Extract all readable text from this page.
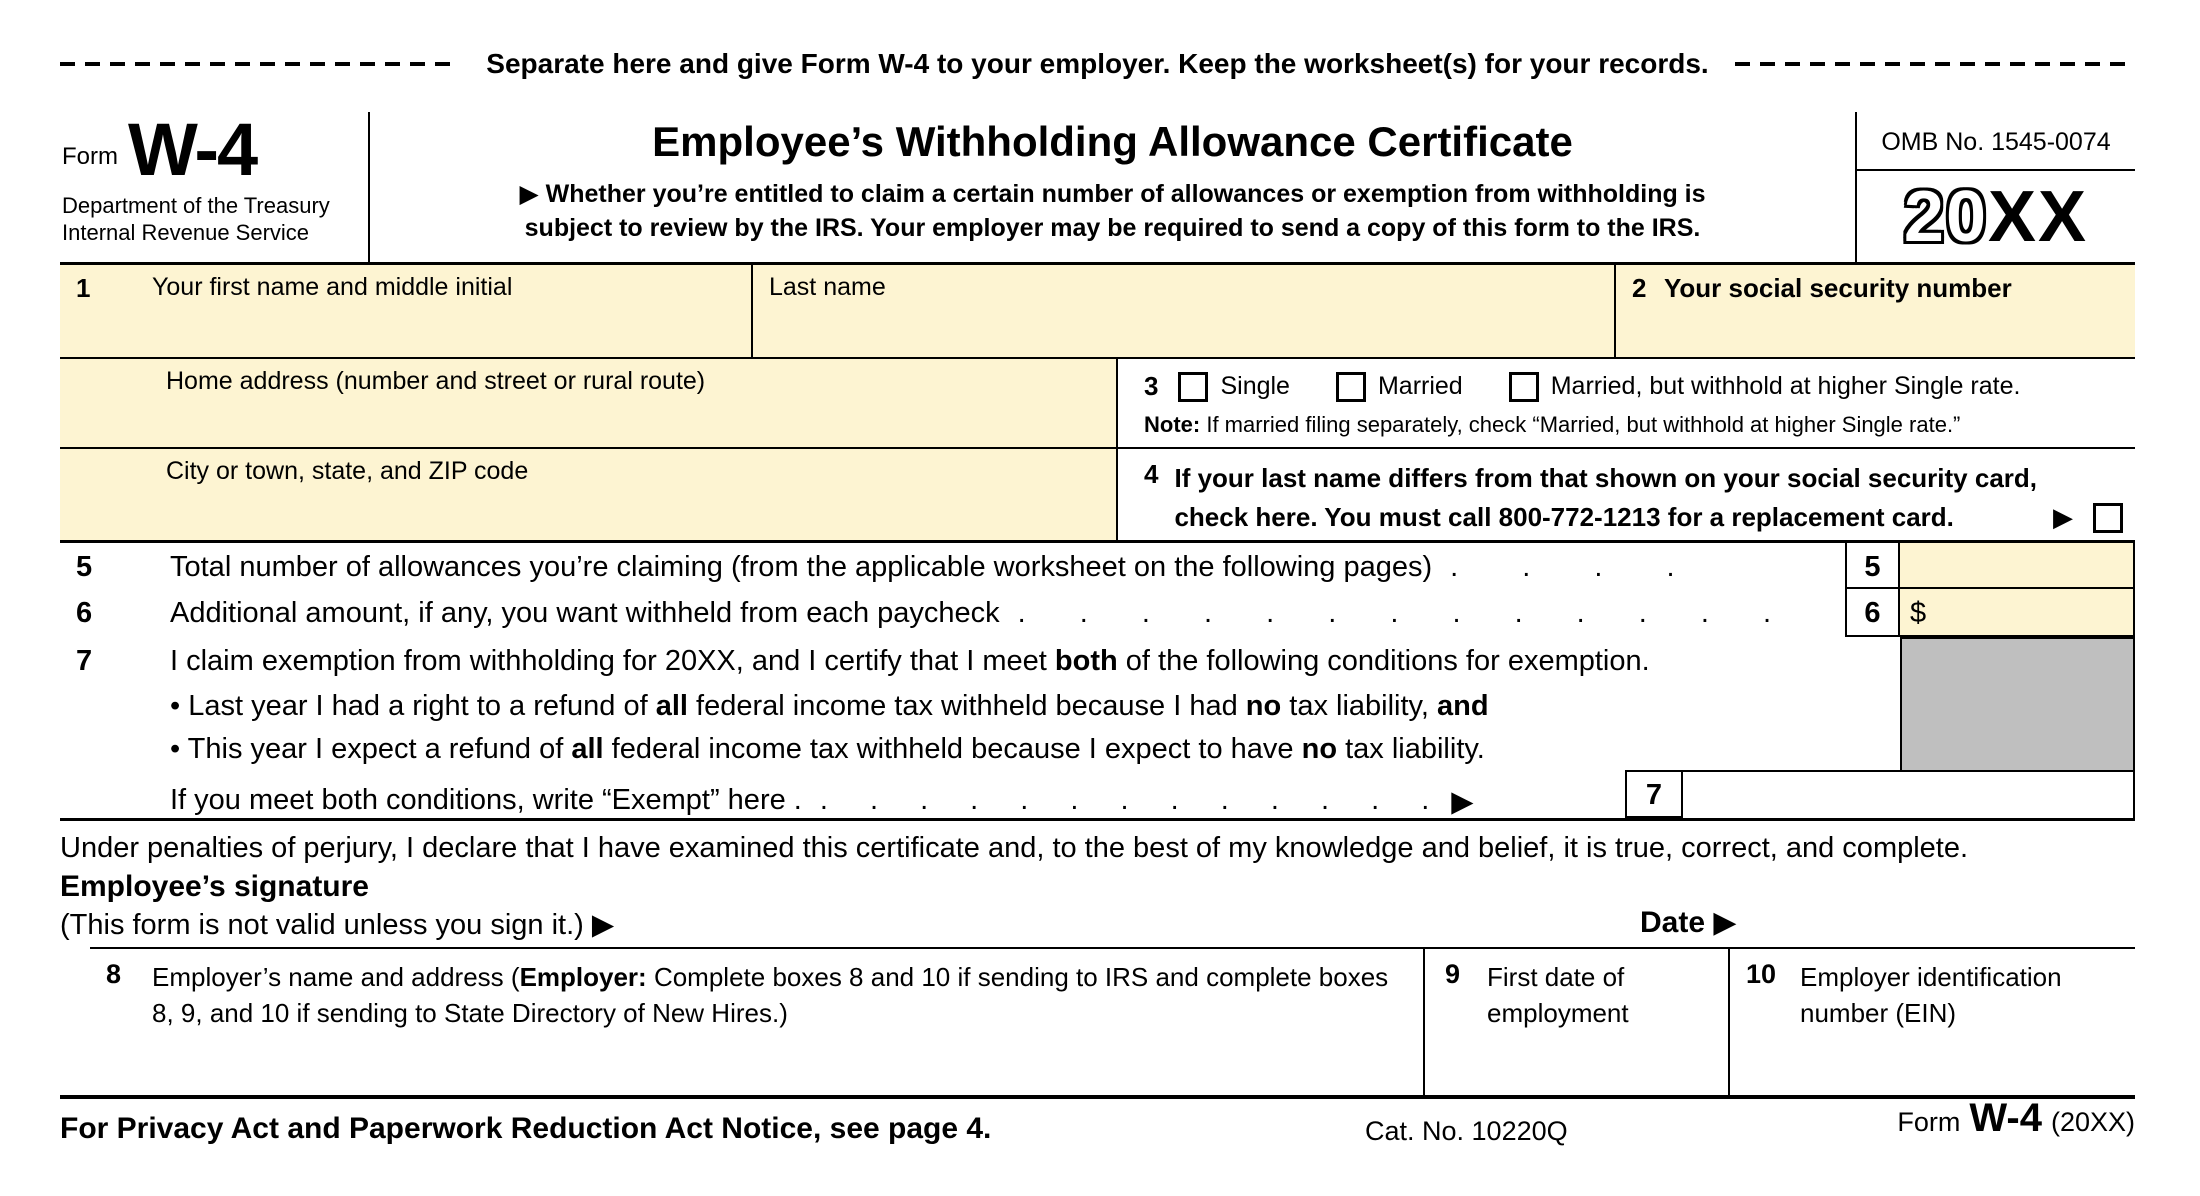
Separate here and give Form W-4 to your employer. Keep the worksheet(s) for your records.
Form W-4
Department of the Treasury
Internal Revenue Service
Employee’s Withholding Allowance Certificate
▶ Whether you’re entitled to claim a certain number of allowances or exemption from withholding is
subject to review by the IRS. Your employer may be required to send a copy of this form to the IRS.
OMB No. 1545-0074
20 XX
1	Your first name and middle initial	Last name	2 Your social security number
Home address (number and street or rural route)	3 Single	Married	Married, but withhold at higher Single rate.
Note: If married filing separately, check “Married, but withhold at higher Single rate.”
City or town, state, and ZIP code	4 If your last name differs from that shown on your social security card,
check here. You must call 800-772-1213 for a replacement card.	▶
5	Total number of allowances you’re claiming (from the applicable worksheet on the following pages) . . . .	5
6	Additional amount, if any, you want withheld from each paycheck . . . . . . . . . . . . .	6	$
7	I claim exemption from withholding for 20XX, and I certify that I meet both of the following conditions for exemption.
• Last year I had a right to a refund of all federal income tax withheld because I had no tax liability, and
• This year I expect a refund of all federal income tax withheld because I expect to have no tax liability.
If you meet both conditions, write “Exempt” here . . . . . . . . . . . . . . ▶	7
Under penalties of perjury, I declare that I have examined this certificate and, to the best of my knowledge and belief, it is true, correct, and complete.
Employee’s signature
(This form is not valid unless you sign it.) ▶	Date ▶
8	Employer’s name and address (Employer: Complete boxes 8 and 10 if sending to IRS and complete boxes 8, 9, and 10 if sending to State Directory of New Hires.)
9	First date of employment
10 Employer identification number (EIN)
For Privacy Act and Paperwork Reduction Act Notice, see page 4.	Cat. No. 10220Q	Form W-4 (20XX)
